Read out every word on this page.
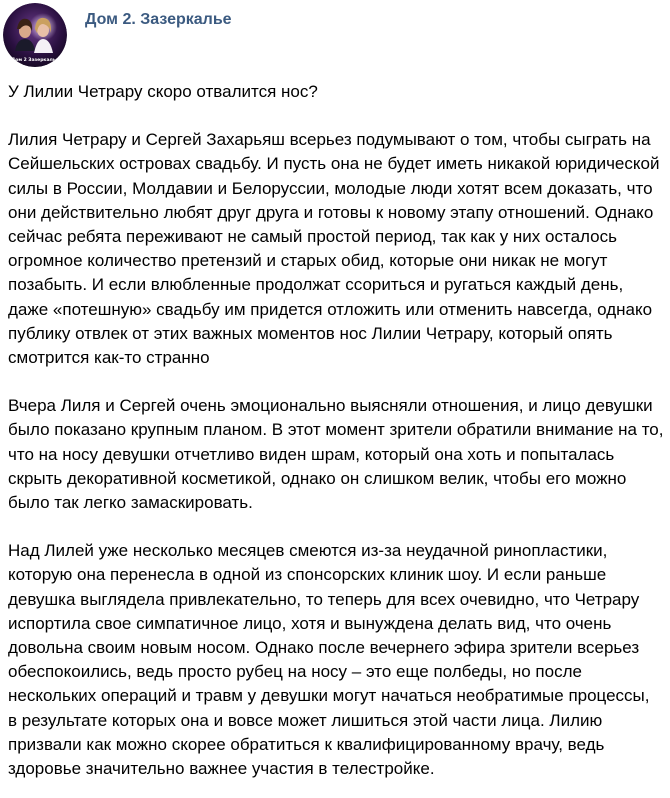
Дом 2 Зазеркалье
Дом 2. Зазеркалье

У Лилии Четрару скоро отвалится нос?

Лилия Четрару и Сергей Захарьяш всерьез подумывают о том, чтобы сыграть на
Сейшельских островах свадьбу. И пусть она не будет иметь никакой юридической
силы в России, Молдавии и Белоруссии, молодые люди хотят всем доказать, что
они действительно любят друг друга и готовы к новому этапу отношений. Однако
сейчас ребята переживают не самый простой период, так как у них осталось
огромное количество претензий и старых обид, которые они никак не могут
позабыть. И если влюбленные продолжат ссориться и ругаться каждый день,
даже «потешную» свадьбу им придется отложить или отменить навсегда, однако
публику отвлек от этих важных моментов нос Лилии Четрару, который опять
смотрится как-то странно

Вчера Лиля и Сергей очень эмоционально выясняли отношения, и лицо девушки
было показано крупным планом. В этот момент зрители обратили внимание на то,
что на носу девушки отчетливо виден шрам, который она хоть и попыталась
скрыть декоративной косметикой, однако он слишком велик, чтобы его можно
было так легко замаскировать.

Над Лилей уже несколько месяцев смеются из-за неудачной ринопластики,
которую она перенесла в одной из спонсорских клиник шоу. И если раньше
девушка выглядела привлекательно, то теперь для всех очевидно, что Четрару
испортила свое симпатичное лицо, хотя и вынуждена делать вид, что очень
довольна своим новым носом. Однако после вечернего эфира зрители всерьез
обеспокоились, ведь просто рубец на носу – это еще полбеды, но после
нескольких операций и травм у девушки могут начаться необратимые процессы,
в результате которых она и вовсе может лишиться этой части лица. Лилию
призвали как можно скорее обратиться к квалифицированному врачу, ведь
здоровье значительно важнее участия в телестройке.
